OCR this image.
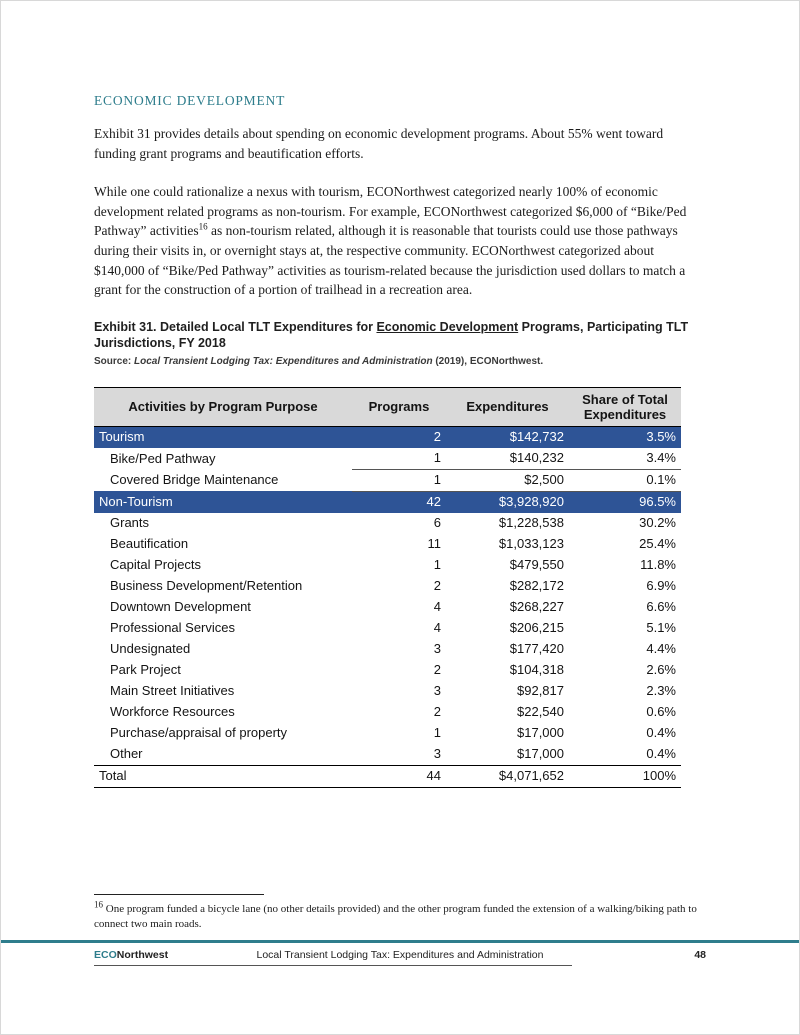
ECONOMIC DEVELOPMENT

Exhibit 31 provides details about spending on economic development programs. About 55% went toward funding grant programs and beautification efforts.

While one could rationalize a nexus with tourism, ECONorthwest categorized nearly 100% of economic development related programs as non-tourism. For example, ECONorthwest categorized $6,000 of “Bike/Ped Pathway” activities$^{16}$ as non-tourism related, although it is reasonable that tourists could use those pathways during their visits in, or overnight stays at, the respective community. ECONorthwest categorized about $140,000 of “Bike/Ped Pathway” activities as tourism-related because the jurisdiction used dollars to match a grant for the construction of a portion of trailhead in a recreation area.

Exhibit 31. Detailed Local TLT Expenditures for Economic Development Programs, Participating TLT Jurisdictions, FY 2018
Source: Local Transient Lodging Tax: Expenditures and Administration (2019), ECONorthwest.
Activities by Program Purpose	Programs	Expenditures	Share of Total Expenditures
Tourism	2	$142,732	3.5%
Bike/Ped Pathway	1	$140,232	3.4%
Covered Bridge Maintenance	1	$2,500	0.1%
Non-Tourism	42	$3,928,920	96.5%
Grants	6	$1,228,538	30.2%
Beautification	11	$1,033,123	25.4%
Capital Projects	1	$479,550	11.8%
Business Development/Retention	2	$282,172	6.9%
Downtown Development	4	$268,227	6.6%
Professional Services	4	$206,215	5.1%
Undesignated	3	$177,420	4.4%
Park Project	2	$104,318	2.6%
Main Street Initiatives	3	$92,817	2.3%
Workforce Resources	2	$22,540	0.6%
Purchase/appraisal of property	1	$17,000	0.4%
Other	3	$17,000	0.4%
Total	44	$4,071,652	100%

$^{16}$ One program funded a bicycle lane (no other details provided) and the other program funded the extension of a walking/biking path to connect two main roads.

ECONorthwest	Local Transient Lodging Tax: Expenditures and Administration	48
